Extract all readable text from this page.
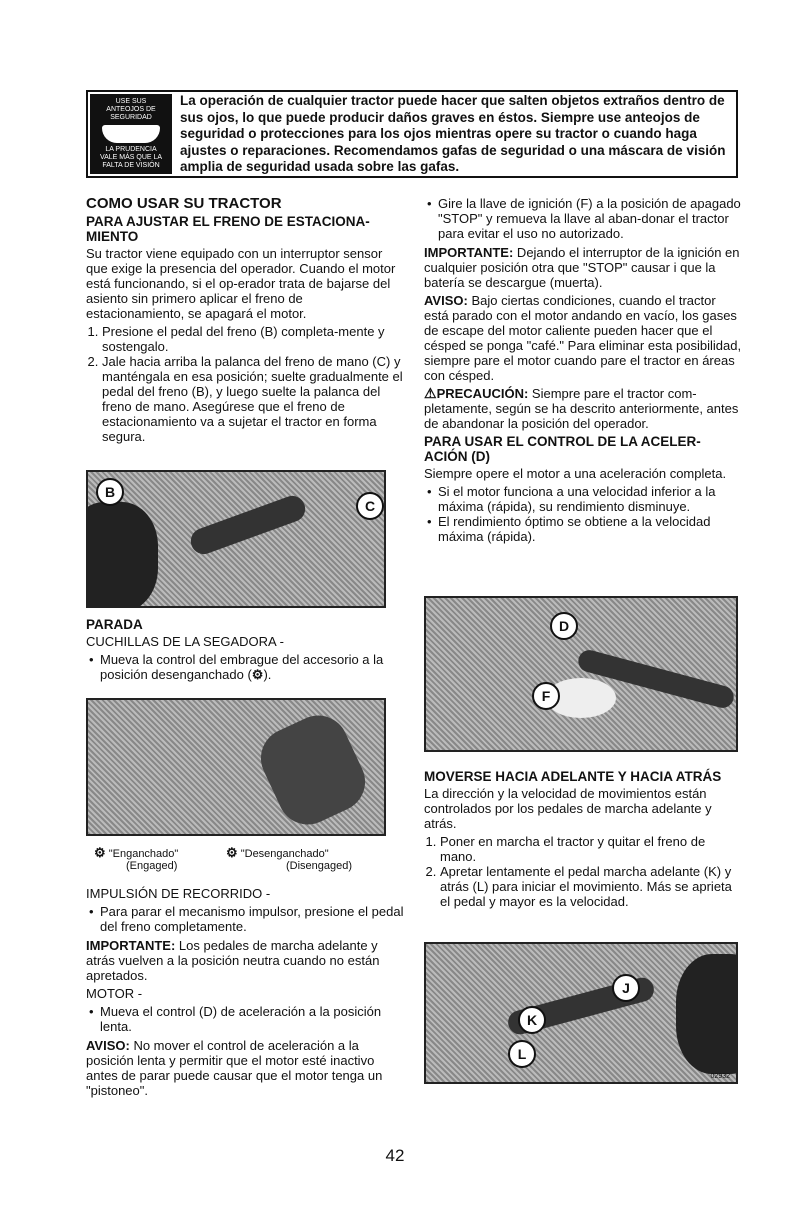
USE SUS
ANTEOJOS DE
SEGURIDAD
LA PRUDENCIA
VALE MÁS QUE LA
FALTA DE VISIÓN
La operación de cualquier tractor puede hacer que salten objetos extraños dentro de sus ojos, lo que puede producir daños graves en éstos. Siempre use anteojos de seguridad o protecciones para los ojos mientras opere su tractor o cuando haga ajustes o reparaciones. Recomendamos gafas de seguridad o una máscara de visión amplia de seguridad usada sobre las gafas.
COMO USAR SU TRACTOR
PARA AJUSTAR EL FRENO DE ESTACIONA-MIENTO

Su tractor viene equipado con un interruptor sensor que exige la presencia del operador. Cuando el motor está funcionando, si el op-erador trata de bajarse del asiento sin primero aplicar el freno de estacionamiento, se apagará el motor.

1. Presione el pedal del freno (B) completa-mente y sostengalo.
2. Jale hacia arriba la palanca del freno de mano (C) y manténgala en esa posición; suelte gradualmente el pedal del freno (B), y luego suelte la palanca del freno de mano. Asegúrese que el freno de estacionamiento va a sujetar el tractor en forma segura.
B
C
PARADA

CUCHILLAS DE LA SEGADORA -

• Mueva la control del embrague del accesorio a la posición desenganchado (⚙).
⚙ "Enganchado"
(Engaged)
⚙ "Desenganchado"
(Disengaged)

IMPULSIÓN DE RECORRIDO -

• Para parar el mecanismo impulsor, presione el pedal del freno completamente.

IMPORTANTE: Los pedales de marcha adelante y atrás vuelven a la posición neutra cuando no están apretados.

MOTOR -

• Mueva el control (D) de aceleración a la posición lenta.

AVISO: No mover el control de aceleración a la posición lenta y permitir que el motor esté inactivo antes de parar puede causar que el motor tenga un "pistoneo".

• Gire la llave de ignición (F) a la posición de apagado "STOP" y remueva la llave al aban-donar el tractor para evitar el uso no autorizado.

IMPORTANTE: Dejando el interruptor de la ignición en cualquier posición otra que "STOP" causar i que la batería se descargue (muerta).

AVISO: Bajo ciertas condiciones, cuando el tractor está parado con el motor andando en vacío, los gases de escape del motor caliente pueden hacer que el césped se ponga "café." Para eliminar esta posibilidad, siempre pare el motor cuando pare el tractor en áreas con césped.

⚠PRECAUCIÓN: Siempre pare el tractor com-pletamente, según se ha descrito anteriormente, antes de abandonar la posición del operador.

PARA USAR EL CONTROL DE LA ACELER-ACIÓN (D)

Siempre opere el motor a una aceleración completa.

• Si el motor funciona a una velocidad inferior a la máxima (rápida), su rendimiento disminuye.
• El rendimiento óptimo se obtiene a la velocidad máxima (rápida).
D
F
MOVERSE HACIA ADELANTE Y HACIA ATRÁS

La dirección y la velocidad de movimientos están controlados por los pedales de marcha adelante y atrás.

1. Poner en marcha el tractor y quitar el freno de mano.
2. Apretar lentamente el pedal marcha adelante (K) y atrás (L) para iniciar el movimiento. Más se aprieta el pedal y mayor es la velocidad.
J
K
L
02932
42
